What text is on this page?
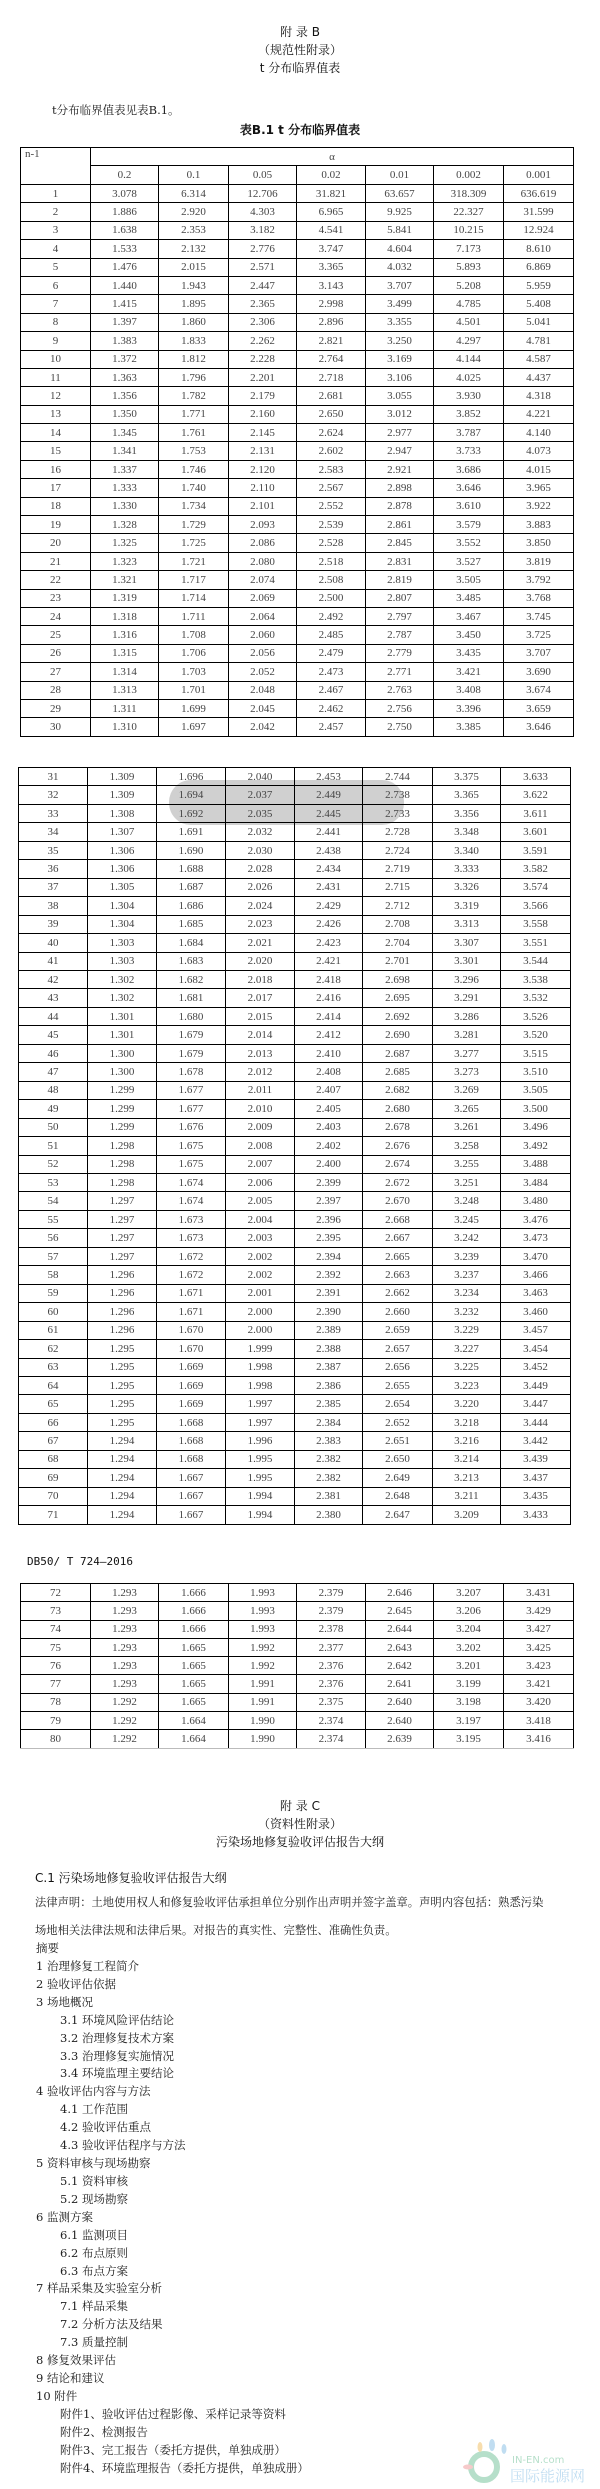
附 录 B
（规范性附录）
t 分布临界值表
t分布临界值表见表B.1。
表B.1 t 分布临界值表
n-1	α						
	0.2	0.1	0.05	0.02	0.01	0.002	0.001
1	3.078	6.314	12.706	31.821	63.657	318.309	636.619
2	1.886	2.920	4.303	6.965	9.925	22.327	31.599
3	1.638	2.353	3.182	4.541	5.841	10.215	12.924
4	1.533	2.132	2.776	3.747	4.604	7.173	8.610
5	1.476	2.015	2.571	3.365	4.032	5.893	6.869
6	1.440	1.943	2.447	3.143	3.707	5.208	5.959
7	1.415	1.895	2.365	2.998	3.499	4.785	5.408
8	1.397	1.860	2.306	2.896	3.355	4.501	5.041
9	1.383	1.833	2.262	2.821	3.250	4.297	4.781
10	1.372	1.812	2.228	2.764	3.169	4.144	4.587
11	1.363	1.796	2.201	2.718	3.106	4.025	4.437
12	1.356	1.782	2.179	2.681	3.055	3.930	4.318
13	1.350	1.771	2.160	2.650	3.012	3.852	4.221
14	1.345	1.761	2.145	2.624	2.977	3.787	4.140
15	1.341	1.753	2.131	2.602	2.947	3.733	4.073
16	1.337	1.746	2.120	2.583	2.921	3.686	4.015
17	1.333	1.740	2.110	2.567	2.898	3.646	3.965
18	1.330	1.734	2.101	2.552	2.878	3.610	3.922
19	1.328	1.729	2.093	2.539	2.861	3.579	3.883
20	1.325	1.725	2.086	2.528	2.845	3.552	3.850
21	1.323	1.721	2.080	2.518	2.831	3.527	3.819
22	1.321	1.717	2.074	2.508	2.819	3.505	3.792
23	1.319	1.714	2.069	2.500	2.807	3.485	3.768
24	1.318	1.711	2.064	2.492	2.797	3.467	3.745
25	1.316	1.708	2.060	2.485	2.787	3.450	3.725
26	1.315	1.706	2.056	2.479	2.779	3.435	3.707
27	1.314	1.703	2.052	2.473	2.771	3.421	3.690
28	1.313	1.701	2.048	2.467	2.763	3.408	3.674
29	1.311	1.699	2.045	2.462	2.756	3.396	3.659
30	1.310	1.697	2.042	2.457	2.750	3.385	3.646
31	1.309	1.696	2.040	2.453	2.744	3.375	3.633
32	1.309	1.694	2.037	2.449	2.738	3.365	3.622
33	1.308	1.692	2.035	2.445	2.733	3.356	3.611
34	1.307	1.691	2.032	2.441	2.728	3.348	3.601
35	1.306	1.690	2.030	2.438	2.724	3.340	3.591
36	1.306	1.688	2.028	2.434	2.719	3.333	3.582
37	1.305	1.687	2.026	2.431	2.715	3.326	3.574
38	1.304	1.686	2.024	2.429	2.712	3.319	3.566
39	1.304	1.685	2.023	2.426	2.708	3.313	3.558
40	1.303	1.684	2.021	2.423	2.704	3.307	3.551
41	1.303	1.683	2.020	2.421	2.701	3.301	3.544
42	1.302	1.682	2.018	2.418	2.698	3.296	3.538
43	1.302	1.681	2.017	2.416	2.695	3.291	3.532
44	1.301	1.680	2.015	2.414	2.692	3.286	3.526
45	1.301	1.679	2.014	2.412	2.690	3.281	3.520
46	1.300	1.679	2.013	2.410	2.687	3.277	3.515
47	1.300	1.678	2.012	2.408	2.685	3.273	3.510
48	1.299	1.677	2.011	2.407	2.682	3.269	3.505
49	1.299	1.677	2.010	2.405	2.680	3.265	3.500
50	1.299	1.676	2.009	2.403	2.678	3.261	3.496
51	1.298	1.675	2.008	2.402	2.676	3.258	3.492
52	1.298	1.675	2.007	2.400	2.674	3.255	3.488
53	1.298	1.674	2.006	2.399	2.672	3.251	3.484
54	1.297	1.674	2.005	2.397	2.670	3.248	3.480
55	1.297	1.673	2.004	2.396	2.668	3.245	3.476
56	1.297	1.673	2.003	2.395	2.667	3.242	3.473
57	1.297	1.672	2.002	2.394	2.665	3.239	3.470
58	1.296	1.672	2.002	2.392	2.663	3.237	3.466
59	1.296	1.671	2.001	2.391	2.662	3.234	3.463
60	1.296	1.671	2.000	2.390	2.660	3.232	3.460
61	1.296	1.670	2.000	2.389	2.659	3.229	3.457
62	1.295	1.670	1.999	2.388	2.657	3.227	3.454
63	1.295	1.669	1.998	2.387	2.656	3.225	3.452
64	1.295	1.669	1.998	2.386	2.655	3.223	3.449
65	1.295	1.669	1.997	2.385	2.654	3.220	3.447
66	1.295	1.668	1.997	2.384	2.652	3.218	3.444
67	1.294	1.668	1.996	2.383	2.651	3.216	3.442
68	1.294	1.668	1.995	2.382	2.650	3.214	3.439
69	1.294	1.667	1.995	2.382	2.649	3.213	3.437
70	1.294	1.667	1.994	2.381	2.648	3.211	3.435
71	1.294	1.667	1.994	2.380	2.647	3.209	3.433
DB50/ T 724—2016
72	1.293	1.666	1.993	2.379	2.646	3.207	3.431
73	1.293	1.666	1.993	2.379	2.645	3.206	3.429
74	1.293	1.666	1.993	2.378	2.644	3.204	3.427
75	1.293	1.665	1.992	2.377	2.643	3.202	3.425
76	1.293	1.665	1.992	2.376	2.642	3.201	3.423
77	1.293	1.665	1.991	2.376	2.641	3.199	3.421
78	1.292	1.665	1.991	2.375	2.640	3.198	3.420
79	1.292	1.664	1.990	2.374	2.640	3.197	3.418
80	1.292	1.664	1.990	2.374	2.639	3.195	3.416
附 录 C
（资料性附录）
污染场地修复验收评估报告大纲
C.1 污染场地修复验收评估报告大纲
法律声明：土地使用权人和修复验收评估承担单位分别作出声明并签字盖章。声明内容包括：熟悉污染
场地相关法律法规和法律后果。对报告的真实性、完整性、准确性负责。
摘要
1 治理修复工程简介
2 验收评估依据
3 场地概况
3.1 环境风险评估结论
3.2 治理修复技术方案
3.3 治理修复实施情况
3.4 环境监理主要结论
4 验收评估内容与方法
4.1 工作范围
4.2 验收评估重点
4.3 验收评估程序与方法
5 资料审核与现场勘察
5.1 资料审核
5.2 现场勘察
6 监测方案
6.1 监测项目
6.2 布点原则
6.3 布点方案
7 样品采集及实验室分析
7.1 样品采集
7.2 分析方法及结果
7.3 质量控制
8 修复效果评估
9 结论和建议
10 附件
附件1、验收评估过程影像、采样记录等资料
附件2、检测报告
附件3、完工报告（委托方提供，单独成册）
附件4、环境监理报告（委托方提供，单独成册）
IN-EN.com
国际能源网
